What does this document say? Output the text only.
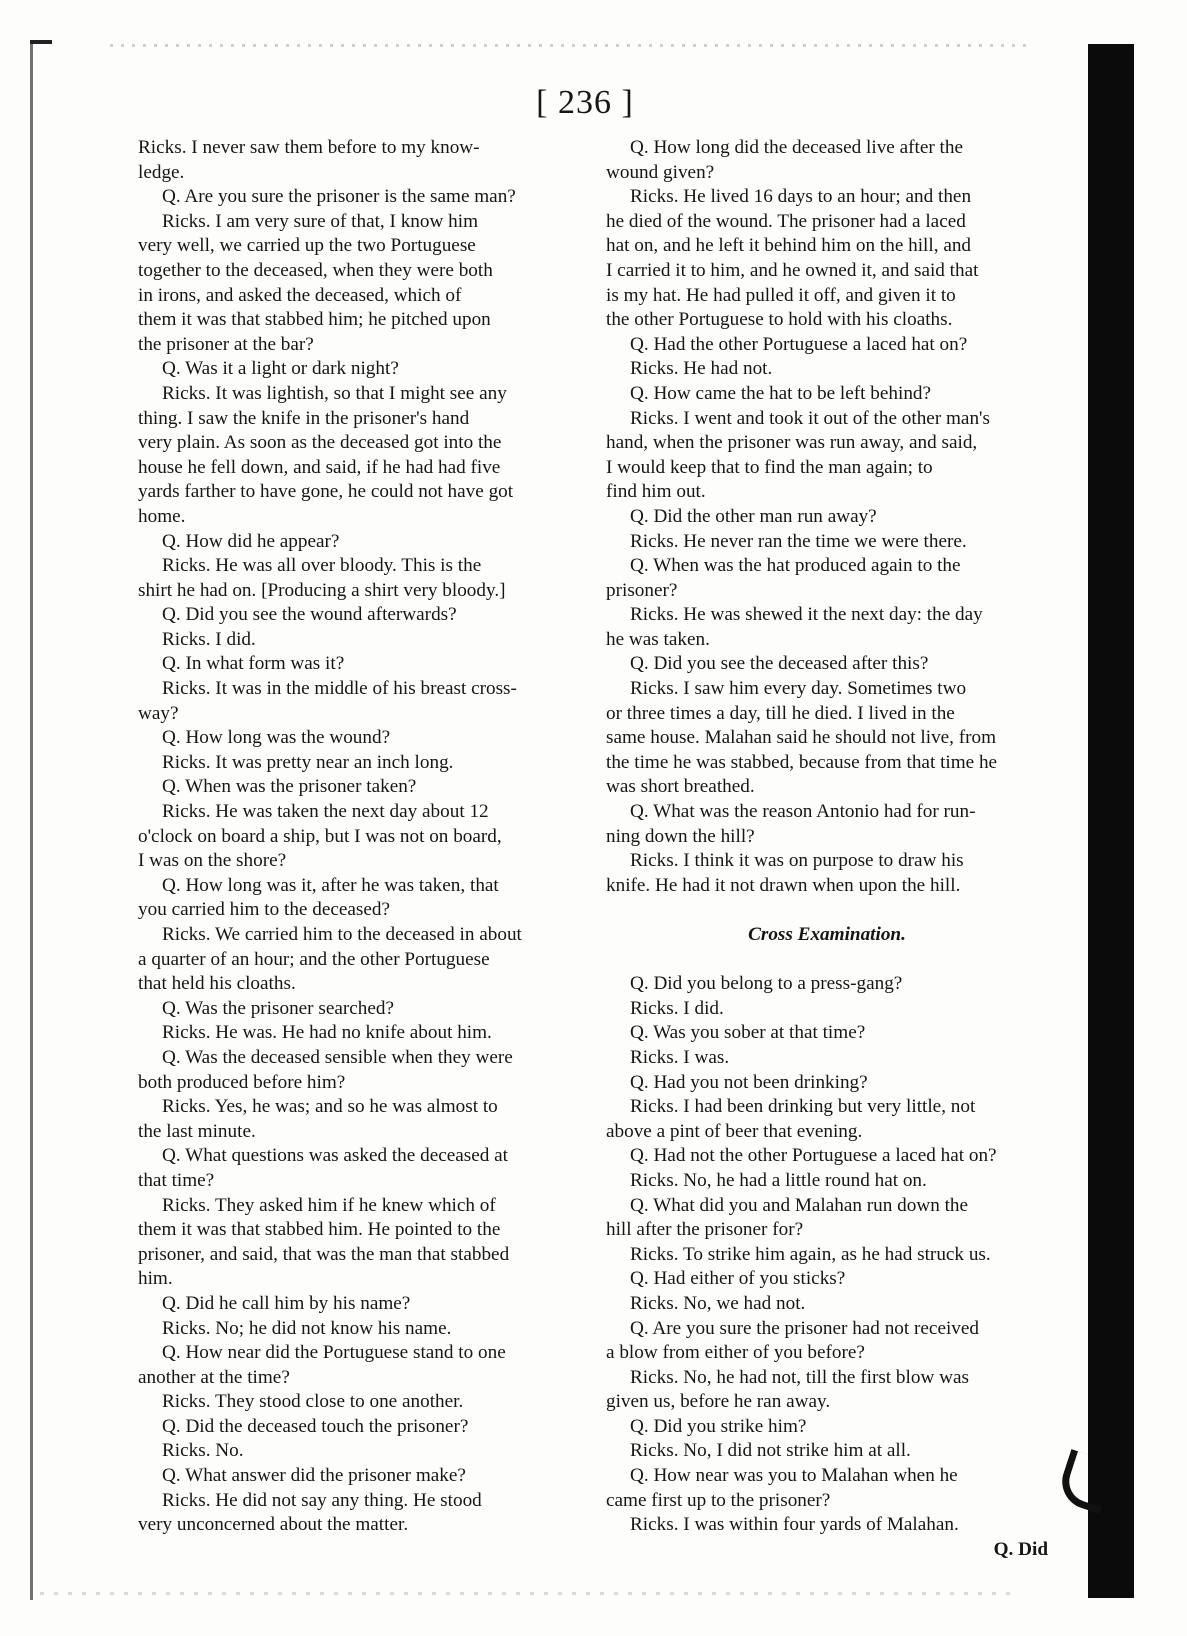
[ 236 ]
Ricks. I never saw them before to my know-
ledge.
Q. Are you sure the prisoner is the same man?
Ricks. I am very sure of that, I know him
very well, we carried up the two Portuguese
together to the deceased, when they were both
in irons, and asked the deceased, which of
them it was that stabbed him; he pitched upon
the prisoner at the bar?
Q. Was it a light or dark night?
Ricks. It was lightish, so that I might see any
thing. I saw the knife in the prisoner's hand
very plain. As soon as the deceased got into the
house he fell down, and said, if he had had five
yards farther to have gone, he could not have got
home.
Q. How did he appear?
Ricks. He was all over bloody. This is the
shirt he had on. [Producing a shirt very bloody.]
Q. Did you see the wound afterwards?
Ricks. I did.
Q. In what form was it?
Ricks. It was in the middle of his breast cross-
way?
Q. How long was the wound?
Ricks. It was pretty near an inch long.
Q. When was the prisoner taken?
Ricks. He was taken the next day about 12
o'clock on board a ship, but I was not on board,
I was on the shore?
Q. How long was it, after he was taken, that
you carried him to the deceased?
Ricks. We carried him to the deceased in about
a quarter of an hour; and the other Portuguese
that held his cloaths.
Q. Was the prisoner searched?
Ricks. He was. He had no knife about him.
Q. Was the deceased sensible when they were
both produced before him?
Ricks. Yes, he was; and so he was almost to
the last minute.
Q. What questions was asked the deceased at
that time?
Ricks. They asked him if he knew which of
them it was that stabbed him. He pointed to the
prisoner, and said, that was the man that stabbed
him.
Q. Did he call him by his name?
Ricks. No; he did not know his name.
Q. How near did the Portuguese stand to one
another at the time?
Ricks. They stood close to one another.
Q. Did the deceased touch the prisoner?
Ricks. No.
Q. What answer did the prisoner make?
Ricks. He did not say any thing. He stood
very unconcerned about the matter.
Q. How long did the deceased live after the
wound given?
Ricks. He lived 16 days to an hour; and then
he died of the wound. The prisoner had a laced
hat on, and he left it behind him on the hill, and
I carried it to him, and he owned it, and said that
is my hat. He had pulled it off, and given it to
the other Portuguese to hold with his cloaths.
Q. Had the other Portuguese a laced hat on?
Ricks. He had not.
Q. How came the hat to be left behind?
Ricks. I went and took it out of the other man's
hand, when the prisoner was run away, and said,
I would keep that to find the man again; to
find him out.
Q. Did the other man run away?
Ricks. He never ran the time we were there.
Q. When was the hat produced again to the
prisoner?
Ricks. He was shewed it the next day: the day
he was taken.
Q. Did you see the deceased after this?
Ricks. I saw him every day. Sometimes two
or three times a day, till he died. I lived in the
same house. Malahan said he should not live, from
the time he was stabbed, because from that time he
was short breathed.
Q. What was the reason Antonio had for run-
ning down the hill?
Ricks. I think it was on purpose to draw his
knife. He had it not drawn when upon the hill.
Cross Examination.
Q. Did you belong to a press-gang?
Ricks. I did.
Q. Was you sober at that time?
Ricks. I was.
Q. Had you not been drinking?
Ricks. I had been drinking but very little, not
above a pint of beer that evening.
Q. Had not the other Portuguese a laced hat on?
Ricks. No, he had a little round hat on.
Q. What did you and Malahan run down the
hill after the prisoner for?
Ricks. To strike him again, as he had struck us.
Q. Had either of you sticks?
Ricks. No, we had not.
Q. Are you sure the prisoner had not received
a blow from either of you before?
Ricks. No, he had not, till the first blow was
given us, before he ran away.
Q. Did you strike him?
Ricks. No, I did not strike him at all.
Q. How near was you to Malahan when he
came first up to the prisoner?
Ricks. I was within four yards of Malahan.
Q. Did
